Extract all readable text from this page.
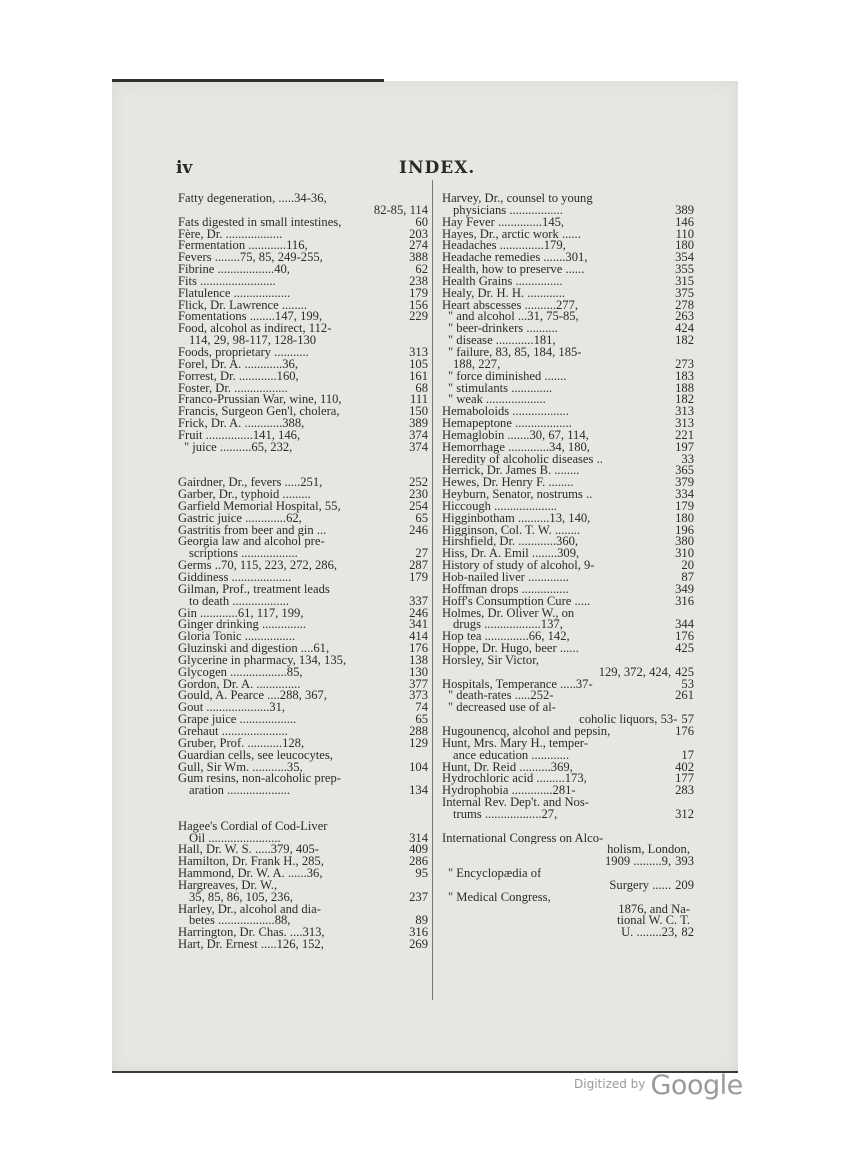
iv	INDEX.
Fatty degeneration, .....34-36,
82-85, 114
Fats digested in small intestines,	60
Fère, Dr. ..................	203
Fermentation ............116,	274
Fevers ........75, 85, 249-255,	388
Fibrine ..................40,	62
Fits ........................	238
Flatulence ..................	179
Flick, Dr. Lawrence ........	156
Fomentations ........147, 199,	229
Food, alcohol as indirect, 112-
114, 29, 98-117, 128-130
Foods, proprietary ...........	313
Forel, Dr. A. ............36,	105
Forrest, Dr. ............160,	161
Foster, Dr. .................	68
Franco-Prussian War, wine, 110,	111
Francis, Surgeon Gen'l, cholera,	150
Frick, Dr. A. ............388,	389
Fruit ...............141, 146,	374
" juice ..........65, 232,	374
Gairdner, Dr., fevers .....251,	252
Garber, Dr., typhoid .........	230
Garfield Memorial Hospital, 55,	254
Gastric juice .............62,	65
Gastritis from beer and gin ...	246
Georgia law and alcohol pre-
scriptions ..................	27
Germs ..70, 115, 223, 272, 286,	287
Giddiness ...................	179
Gilman, Prof., treatment leads
to death ..................	337
Gin ............61, 117, 199,	246
Ginger drinking ..............	341
Gloria Tonic ................	414
Gluzinski and digestion ....61,	176
Glycerine in pharmacy, 134, 135,	138
Glycogen ..................85,	130
Gordon, Dr. A. ..............	377
Gould, A. Pearce ....288, 367,	373
Gout ....................31,	74
Grape juice ..................	65
Grehaut .....................	288
Gruber, Prof. ...........128,	129
Guardian cells, see leucocytes,
Gull, Sir Wm. ...........35,	104
Gum resins, non-alcoholic prep-
aration ....................	134
Hagee's Cordial of Cod-Liver
Oil .......................	314
Hall, Dr. W. S. .....379, 405-	409
Hamilton, Dr. Frank H., 285,	286
Hammond, Dr. W. A. ......36,	95
Hargreaves, Dr. W.,
35, 85, 86, 105, 236,	237
Harley, Dr., alcohol and dia-
betes ..................88,	89
Harrington, Dr. Chas. ....313,	316
Hart, Dr. Ernest .....126, 152,	269
Harvey, Dr., counsel to young
physicians .................	389
Hay Fever ..............145,	146
Hayes, Dr., arctic work ......	110
Headaches ..............179,	180
Headache remedies .......301,	354
Health, how to preserve ......	355
Health Grains ...............	315
Healy, Dr. H. H. ............	375
Heart abscesses ..........277,	278
" and alcohol ...31, 75-85,	263
" beer-drinkers ..........	424
" disease ............181,	182
" failure, 83, 85, 184, 185-
188, 227,	273
" force diminished .......	183
" stimulants .............	188
" weak ...................	182
Hemaboloids ..................	313
Hemapeptone ..................	313
Hemaglobin .......30, 67, 114,	221
Hemorrhage .............34, 180,	197
Heredity of alcoholic diseases ..	33
Herrick, Dr. James B. ........	365
Hewes, Dr. Henry F. ........	379
Heyburn, Senator, nostrums ..	334
Hiccough ....................	179
Higginbotham ..........13, 140,	180
Higginson, Col. T. W. ........	196
Hirshfield, Dr. ............360,	380
Hiss, Dr. A. Emil ........309,	310
History of study of alcohol, 9-	20
Hob-nailed liver .............	87
Hoffman drops ...............	349
Hoff's Consumption Cure .....	316
Holmes, Dr. Oliver W., on
drugs ..................137,	344
Hop tea ..............66, 142,	176
Hoppe, Dr. Hugo, beer ......	425
Horsley, Sir Victor,
129, 372, 424, 425
Hospitals, Temperance .....37-	53
" death-rates .....252-	261
" decreased use of al-
coholic liquors, 53- 57
Hugounencq, alcohol and pepsin,	176
Hunt, Mrs. Mary H., temper-
ance education ............	17
Hunt, Dr. Reid ..........369,	402
Hydrochloric acid .........173,	177
Hydrophobia .............281-	283
Internal Rev. Dep't. and Nos-
trums ..................27,	312
International Congress on Alco-
holism, London,
1909 .........9, 393
" Encyclopædia of
Surgery ...... 209
" Medical Congress,
1876, and Na-
tional W. C. T.
U. ........23, 82
$^{Digitized by}$ Google
